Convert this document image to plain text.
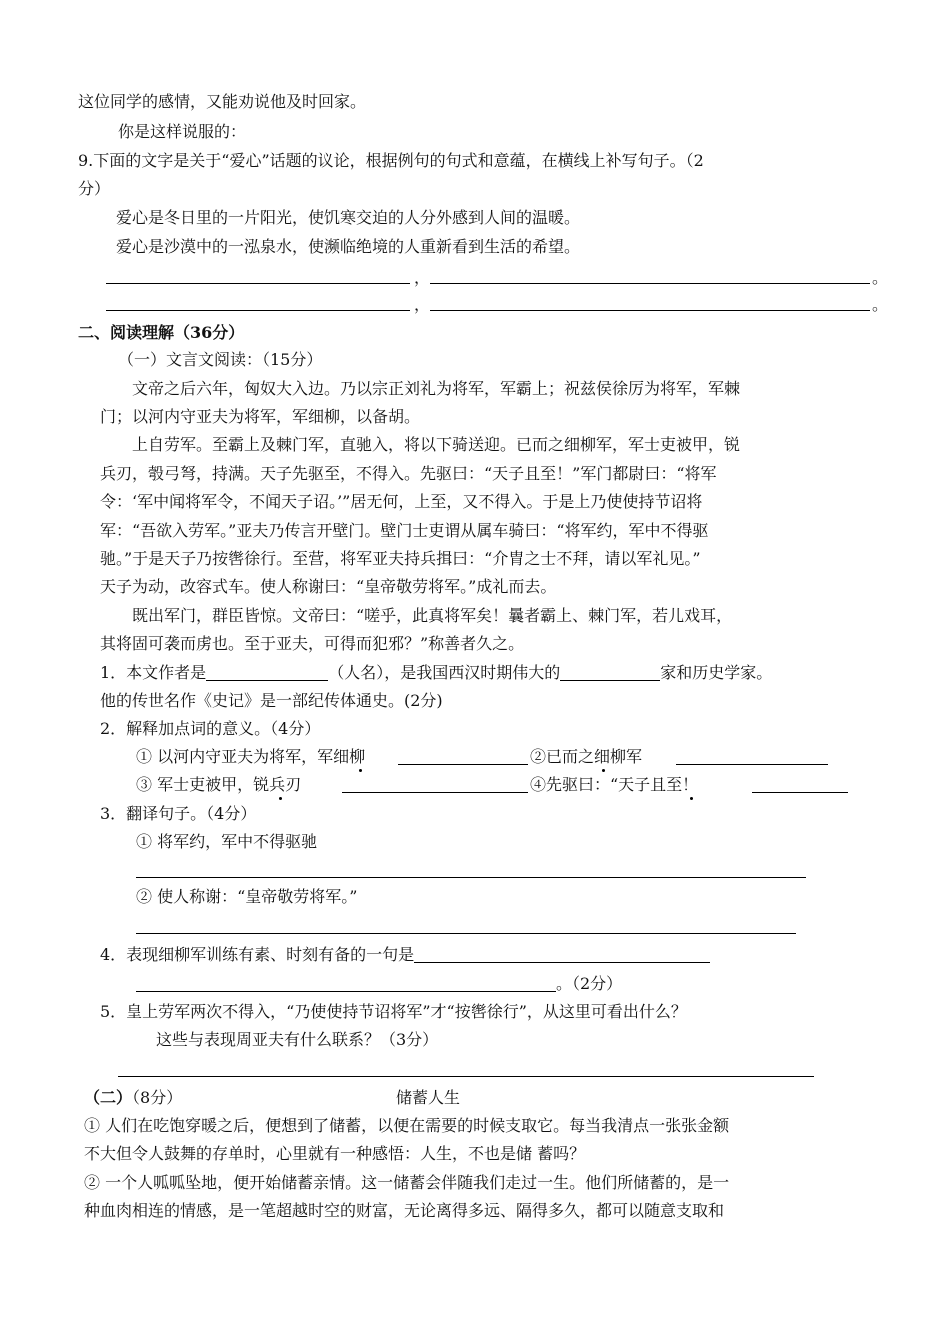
这位同学的感情，又能劝说他及时回家。
你是这样说服的：
9.下面的文字是关于“爱心”话题的议论，根据例句的句式和意蕴，在横线上补写句子。（2
分）
爱心是冬日里的一片阳光，使饥寒交迫的人分外感到人间的温暖。
爱心是沙漠中的一泓泉水，使濒临绝境的人重新看到生活的希望。
，	。
，	。
二、阅读理解（36分）
（一）文言文阅读：（15分）
文帝之后六年，匈奴大入边。乃以宗正刘礼为将军，军霸上；祝兹侯徐厉为将军，军棘
门；以河内守亚夫为将军，军细柳，以备胡。
上自劳军。至霸上及棘门军，直驰入，将以下骑送迎。已而之细柳军，军士吏被甲，锐
兵刃，彀弓弩，持满。天子先驱至，不得入。先驱曰：“天子且至！”军门都尉曰：“将军
令：‘军中闻将军令，不闻天子诏。’”居无何，上至，又不得入。于是上乃使使持节诏将
军：“吾欲入劳军。”亚夫乃传言开壁门。壁门士吏谓从属车骑曰：“将军约，军中不得驱
驰。”于是天子乃按辔徐行。至营，将军亚夫持兵揖曰：“介胄之士不拜，请以军礼见。”
天子为动，改容式车。使人称谢曰：“皇帝敬劳将军。”成礼而去。
既出军门，群臣皆惊。文帝曰：“嗟乎，此真将军矣！曩者霸上、棘门军，若儿戏耳，
其将固可袭而虏也。至于亚夫，可得而犯邪？”称善者久之。
1．本文作者是	（人名），是我国西汉时期伟大的	家和历史学家。
他的传世名作《史记》是一部纪传体通史。(2分)
2．解释加点词的意义。（4分）
① 以河内守亚夫为将军，军细柳	②已而之细柳军
③ 军士吏被甲，锐兵刃	④先驱曰：“天子且至！
3．翻译句子。（4分）
① 将军约，军中不得驱驰
② 使人称谢：“皇帝敬劳将军。”
4．表现细柳军训练有素、时刻有备的一句是
。（2分）
5．皇上劳军两次不得入，“乃使使持节诏将军”才“按辔徐行”，从这里可看出什么？
这些与表现周亚夫有什么联系？（3分）
（二）（8分）	储蓄人生
① 人们在吃饱穿暖之后，便想到了储蓄，以便在需要的时候支取它。每当我清点一张张金额
不大但令人鼓舞的存单时，心里就有一种感悟：人生，不也是储 蓄吗？
② 一个人呱呱坠地，便开始储蓄亲情。这一储蓄会伴随我们走过一生。他们所储蓄的，是一
种血肉相连的情感，是一笔超越时空的财富，无论离得多远、隔得多久，都可以随意支取和
